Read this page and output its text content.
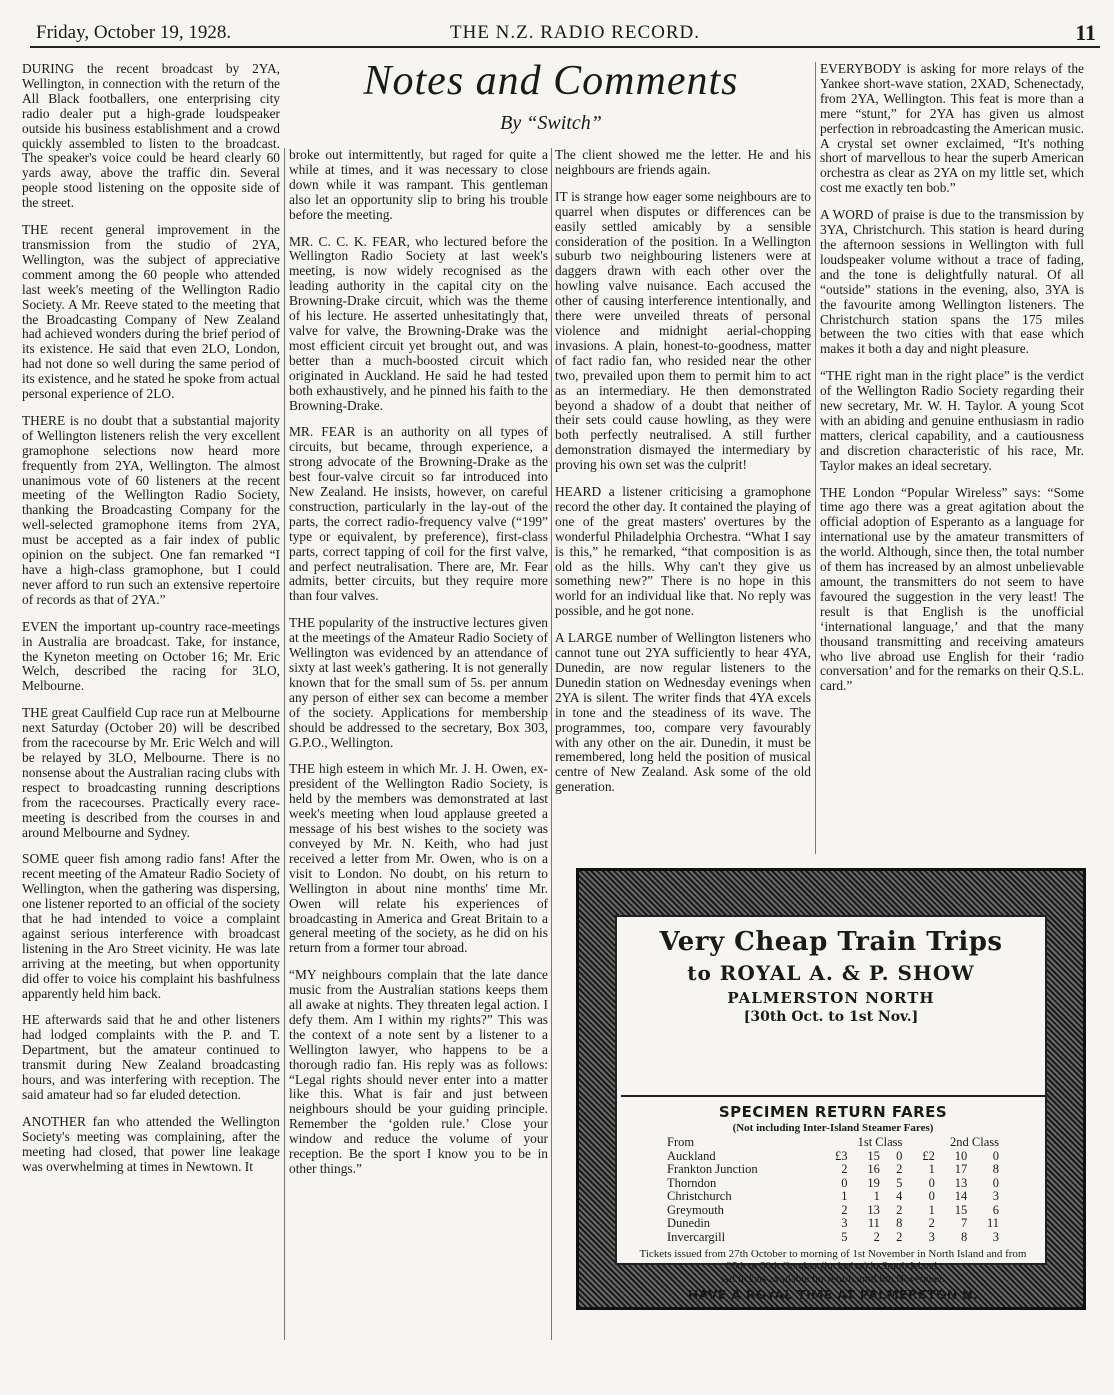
Friday, October 19, 1928.	THE N.Z. RADIO RECORD.	11
Notes and Comments
By “Switch”

DURING the recent broadcast by 2YA, Wellington, in connection with the return of the All Black footballers, one enterprising city radio dealer put a high-grade loudspeaker outside his business establishment and a crowd quickly assembled to listen to the broadcast. The speaker's voice could be heard clearly 60 yards away, above the traffic din. Several people stood listening on the opposite side of the street.

THE recent general improvement in the transmission from the studio of 2YA, Wellington, was the subject of appreciative comment among the 60 people who attended last week's meeting of the Wellington Radio Society. A Mr. Reeve stated to the meeting that the Broadcasting Company of New Zealand had achieved wonders during the brief period of its existence. He said that even 2LO, London, had not done so well during the same period of its existence, and he stated he spoke from actual personal experience of 2LO.

THERE is no doubt that a substantial majority of Wellington listeners relish the very excellent gramophone selections now heard more frequently from 2YA, Wellington. The almost unanimous vote of 60 listeners at the recent meeting of the Wellington Radio Society, thanking the Broadcasting Company for the well-selected gramophone items from 2YA, must be accepted as a fair index of public opinion on the subject. One fan remarked “I have a high-class gramophone, but I could never afford to run such an extensive repertoire of records as that of 2YA.”

EVEN the important up-country race-meetings in Australia are broadcast. Take, for instance, the Kyneton meeting on October 16; Mr. Eric Welch, described the racing for 3LO, Melbourne.

THE great Caulfield Cup race run at Melbourne next Saturday (October 20) will be described from the racecourse by Mr. Eric Welch and will be relayed by 3LO, Melbourne. There is no nonsense about the Australian racing clubs with respect to broadcasting running descriptions from the racecourses. Practically every race-meeting is described from the courses in and around Melbourne and Sydney.

SOME queer fish among radio fans! After the recent meeting of the Amateur Radio Society of Wellington, when the gathering was dispersing, one listener reported to an official of the society that he had intended to voice a complaint against serious interference with broadcast listening in the Aro Street vicinity. He was late arriving at the meeting, but when opportunity did offer to voice his complaint his bashfulness apparently held him back.

HE afterwards said that he and other listeners had lodged complaints with the P. and T. Department, but the amateur continued to transmit during New Zealand broadcasting hours, and was interfering with reception. The said amateur had so far eluded detection.

ANOTHER fan who attended the Wellington Society's meeting was complaining, after the meeting had closed, that power line leakage was overwhelming at times in Newtown. It

broke out intermittently, but raged for quite a while at times, and it was necessary to close down while it was rampant. This gentleman also let an opportunity slip to bring his trouble before the meeting.

MR. C. C. K. FEAR, who lectured before the Wellington Radio Society at last week's meeting, is now widely recognised as the leading authority in the capital city on the Browning-Drake circuit, which was the theme of his lecture. He asserted unhesitatingly that, valve for valve, the Browning-Drake was the most efficient circuit yet brought out, and was better than a much-boosted circuit which originated in Auckland. He said he had tested both exhaustively, and he pinned his faith to the Browning-Drake.

MR. FEAR is an authority on all types of circuits, but became, through experience, a strong advocate of the Browning-Drake as the best four-valve circuit so far introduced into New Zealand. He insists, however, on careful construction, particularly in the lay-out of the parts, the correct radio-frequency valve (“199” type or equivalent, by preference), first-class parts, correct tapping of coil for the first valve, and perfect neutralisation. There are, Mr. Fear admits, better circuits, but they require more than four valves.

THE popularity of the instructive lectures given at the meetings of the Amateur Radio Society of Wellington was evidenced by an attendance of sixty at last week's gathering. It is not generally known that for the small sum of 5s. per annum any person of either sex can become a member of the society. Applications for membership should be addressed to the secretary, Box 303, G.P.O., Wellington.

THE high esteem in which Mr. J. H. Owen, ex-president of the Wellington Radio Society, is held by the members was demonstrated at last week's meeting when loud applause greeted a message of his best wishes to the society was conveyed by Mr. N. Keith, who had just received a letter from Mr. Owen, who is on a visit to London. No doubt, on his return to Wellington in about nine months' time Mr. Owen will relate his experiences of broadcasting in America and Great Britain to a general meeting of the society, as he did on his return from a former tour abroad.

“MY neighbours complain that the late dance music from the Australian stations keeps them all awake at nights. They threaten legal action. I defy them. Am I within my rights?” This was the context of a note sent by a listener to a Wellington lawyer, who happens to be a thorough radio fan. His reply was as follows: “Legal rights should never enter into a matter like this. What is fair and just between neighbours should be your guiding principle. Remember the ‘golden rule.’ Close your window and reduce the volume of your reception. Be the sport I know you to be in other things.”

The client showed me the letter. He and his neighbours are friends again.

IT is strange how eager some neighbours are to quarrel when disputes or differences can be easily settled amicably by a sensible consideration of the position. In a Wellington suburb two neighbouring listeners were at daggers drawn with each other over the howling valve nuisance. Each accused the other of causing interference intentionally, and there were unveiled threats of personal violence and midnight aerial-chopping invasions. A plain, honest-to-goodness, matter of fact radio fan, who resided near the other two, prevailed upon them to permit him to act as an intermediary. He then demonstrated beyond a shadow of a doubt that neither of their sets could cause howling, as they were both perfectly neutralised. A still further demonstration dismayed the intermediary by proving his own set was the culprit!

HEARD a listener criticising a gramophone record the other day. It contained the playing of one of the great masters' overtures by the wonderful Philadelphia Orchestra. “What I say is this,” he remarked, “that composition is as old as the hills. Why can't they give us something new?” There is no hope in this world for an individual like that. No reply was possible, and he got none.

A LARGE number of Wellington listeners who cannot tune out 2YA sufficiently to hear 4YA, Dunedin, are now regular listeners to the Dunedin station on Wednesday evenings when 2YA is silent. The writer finds that 4YA excels in tone and the steadiness of its wave. The programmes, too, compare very favourably with any other on the air. Dunedin, it must be remembered, long held the position of musical centre of New Zealand. Ask some of the old generation.

EVERYBODY is asking for more relays of the Yankee short-wave station, 2XAD, Schenectady, from 2YA, Wellington. This feat is more than a mere “stunt,” for 2YA has given us almost perfection in rebroadcasting the American music. A crystal set owner exclaimed, “It's nothing short of marvellous to hear the superb American orchestra as clear as 2YA on my little set, which cost me exactly ten bob.”

A WORD of praise is due to the transmission by 3YA, Christchurch. This station is heard during the afternoon sessions in Wellington with full loudspeaker volume without a trace of fading, and the tone is delightfully natural. Of all “outside” stations in the evening, also, 3YA is the favourite among Wellington listeners. The Christchurch station spans the 175 miles between the two cities with that ease which makes it both a day and night pleasure.

“THE right man in the right place” is the verdict of the Wellington Radio Society regarding their new secretary, Mr. W. H. Taylor. A young Scot with an abiding and genuine enthusiasm in radio matters, clerical capability, and a cautiousness and discretion characteristic of his race, Mr. Taylor makes an ideal secretary.

THE London “Popular Wireless” says: “Some time ago there was a great agitation about the official adoption of Esperanto as a language for international use by the amateur transmitters of the world. Although, since then, the total number of them has increased by an almost unbelievable amount, the transmitters do not seem to have favoured the suggestion in the very least! The result is that English is the unofficial ‘international language,’ and that the many thousand transmitting and receiving amateurs who live abroad use English for their ‘radio conversation’ and for the remarks on their Q.S.L. card.”

Very Cheap Train Trips
to ROYAL A. & P. SHOW
PALMERSTON NORTH
[30th Oct. to 1st Nov.]
SPECIMEN RETURN FARES
(Not including Inter-Island Steamer Fares)
From	1st Class			2nd Class		
Auckland	£3	15	0	£2	10	0
Frankton Junction	2	16	2	1	17	8
Thorndon	0	19	5	0	13	0
Christchurch	1	1	4	0	14	3
Greymouth	2	13	2	1	15	6
Dunedin	3	11	8	2	7	11
Invercargill	5	2	2	3	8	3
Tickets issued from 27th October to morning of 1st November in North Island and from 25th to 30th October (inclusive) in South Island.
All tickets available for return until 8th November.
HAVE A ROYAL TIME AT PALMERSTON N.
